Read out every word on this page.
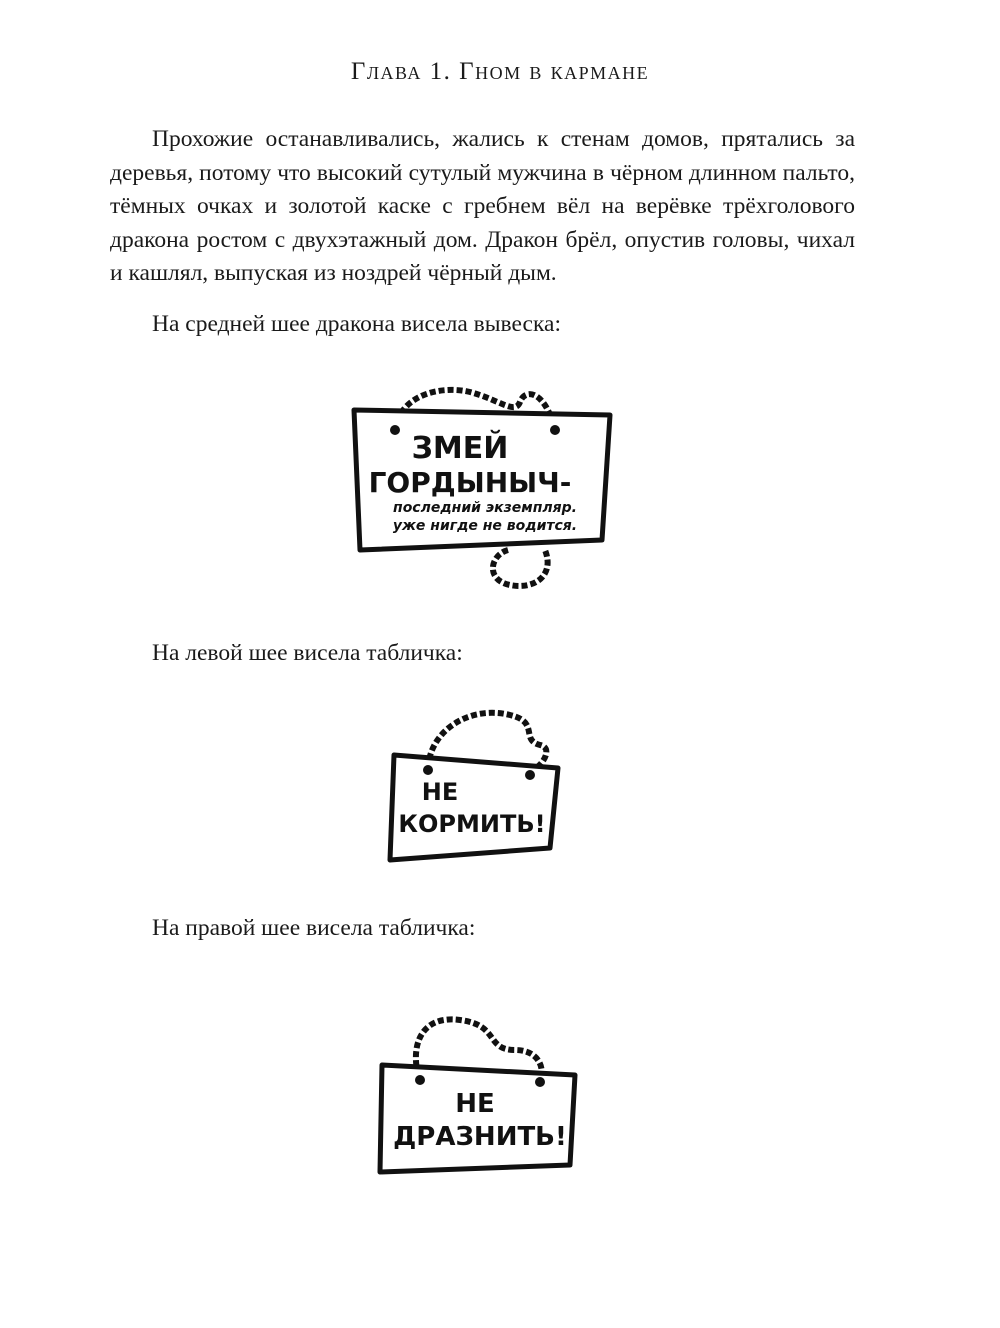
Глава 1. Гном в кармане

Прохожие останавливались, жались к стенам домов, прятались за деревья, потому что высокий сутулый мужчина в чёрном длинном пальто, тёмных очках и золотой каске с гребнем вёл на верёвке трёхголового дракона ростом с двухэтажный дом. Дракон брёл, опустив головы, чихал и кашлял, выпуская из ноздрей чёрный дым.

На средней шее дракона висела вывеска:

ЗМЕЙ
ГОРДЫНЫЧ-
последний экземпляр.
уже нигде не водится.

На левой шее висела табличка:

НЕ
КОРМИТЬ!

На правой шее висела табличка:

НЕ
ДРАЗНИТЬ!
